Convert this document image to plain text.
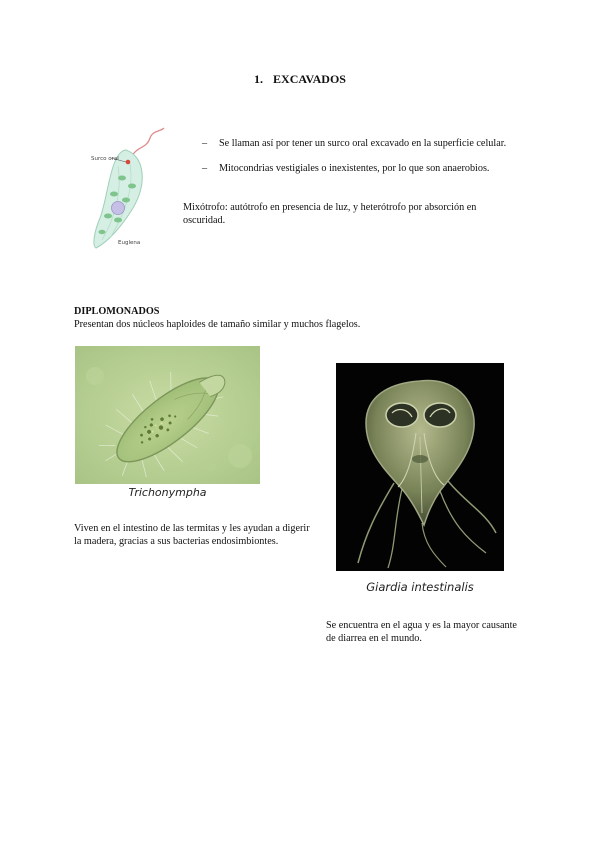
1. EXCAVADOS
Surco oral
Euglena
– Se llaman así por tener un surco oral excavado en la superficie celular.
– Mitocondrias vestigiales o inexistentes, por lo que son anaerobios.
Mixótrofo: autótrofo en presencia de luz, y heterótrofo por absorción en oscuridad.
DIPLOMONADOS
Presentan dos núcleos haploides de tamaño similar y muchos flagelos.
Trichonympha
Viven en el intestino de las termitas y les ayudan a digerir la madera, gracias a sus bacterias endosimbiontes.
Giardia intestinalis
Se encuentra en el agua y es la mayor causante de diarrea en el mundo.
